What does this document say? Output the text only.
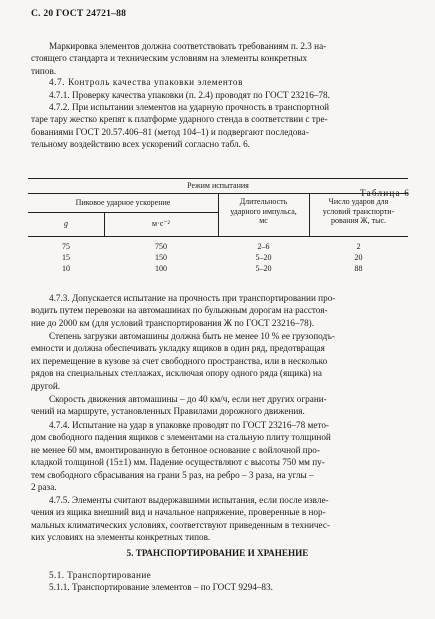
С. 20 ГОСТ 24721–88
Маркировка элементов должна соответствовать требованиям п. 2.3 на-
стоящего стандарта и техническим условиям на элементы конкретных
типов.
4.7. Контроль качества упаковки элементов
4.7.1. Проверку качества упаковки (п. 2.4) проводят по ГОСТ 23216–78.
4.7.2. При испытании элементов на ударную прочность в транспортной
таре тару жестко крепят к платформе ударного стенда в соответствии с тре-
бованиями ГОСТ 20.57.406–81 (метод 104–1) и подвергают последова-
тельному воздействию всех ускорений согласно табл. 6.
Таблица 6
Режим испытания
Пиковое ударное ускорение
g	м·с⁻²
Длительность
ударного импульса,
мс
Число ударов для
условий транспорти-
рования Ж, тыс.
75	750	2–6	2
15	150	5–20	20
10	100	5–20	88
4.7.3. Допускается испытание на прочность при транспортировании про-
водить путем перевозки на автомашинах по булыжным дорогам на расстоя-
ние до 2000 км (для условий транспортирования Ж по ГОСТ 23216–78).
Степень загрузки автомашины должна быть не менее 10 % ее грузоподъ-
емности и должна обеспечивать укладку ящиков в один ряд, предотвращая
их перемещение в кузове за счет свободного пространства, или в несколько
рядов на специальных стеллажах, исключая опору одного ряда (ящика) на
другой.
Скорость движения автомашины – до 40 км/ч, если нет других ограни-
чений на маршруте, установленных Правилами дорожного движения.
4.7.4. Испытание на удар в упаковке проводят по ГОСТ 23216–78 мето-
дом свободного падения ящиков с элементами на стальную плиту толщиной
не менее 60 мм, вмонтированную в бетонное основание с войлочной про-
кладкой толщиной (15±1) мм. Падение осуществляют с высоты 750 мм пу-
тем свободного сбрасывания на грани 5 раз, на ребро – 3 раза, на углы –
2 раза.
4.7.5. Элементы считают выдержавшими испытания, если после извле-
чения из ящика внешний вид и начальное напряжение, проверенные в нор-
мальных климатических условиях, соответствуют приведенным в техничес-
ких условиях на элементы конкретных типов.
5. ТРАНСПОРТИРОВАНИЕ И ХРАНЕНИЕ
5.1. Транспортирование
5.1.1. Транспортирование элементов – по ГОСТ 9294–83.
